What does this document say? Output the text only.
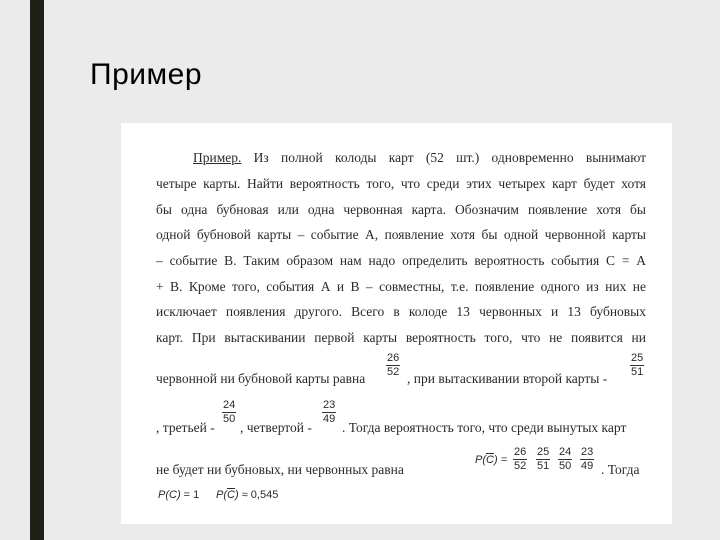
Пример
Пример. Из полной колоды карт (52 шт.) одновременно вынимают
четыре карты. Найти вероятность того, что среди этих четырех карт будет хотя
бы одна бубновая или одна червонная карта. Обозначим появление хотя бы
одной бубновой карты – событие А, появление хотя бы одной червонной карты
– событие В. Таким образом нам надо определить вероятность события С = А
+ В. Кроме того, события А и В – совместны, т.е. появление одного из них не
исключает появления другого. Всего в колоде 13 червонных и 13 бубновых
карт. При вытаскивании первой карты вероятность того, что не появится ни
червонной ни бубновой карты равна $\frac{26}{52}$ , при вытаскивании второй карты - $\frac{25}{51}$
, третьей -
$\frac{24}{50}$
, четвертой -
$\frac{23}{49}$
. Тогда вероятность того, что среди вынутых карт
не будет ни бубновых, ни червонных равна
$P(\overline{C}) = \frac{26}{52} \frac{25}{51} \frac{24}{50} \frac{23}{49}$ . Тогда
P(C) = 1 $P(\overline{C}) \approx 0,545$
